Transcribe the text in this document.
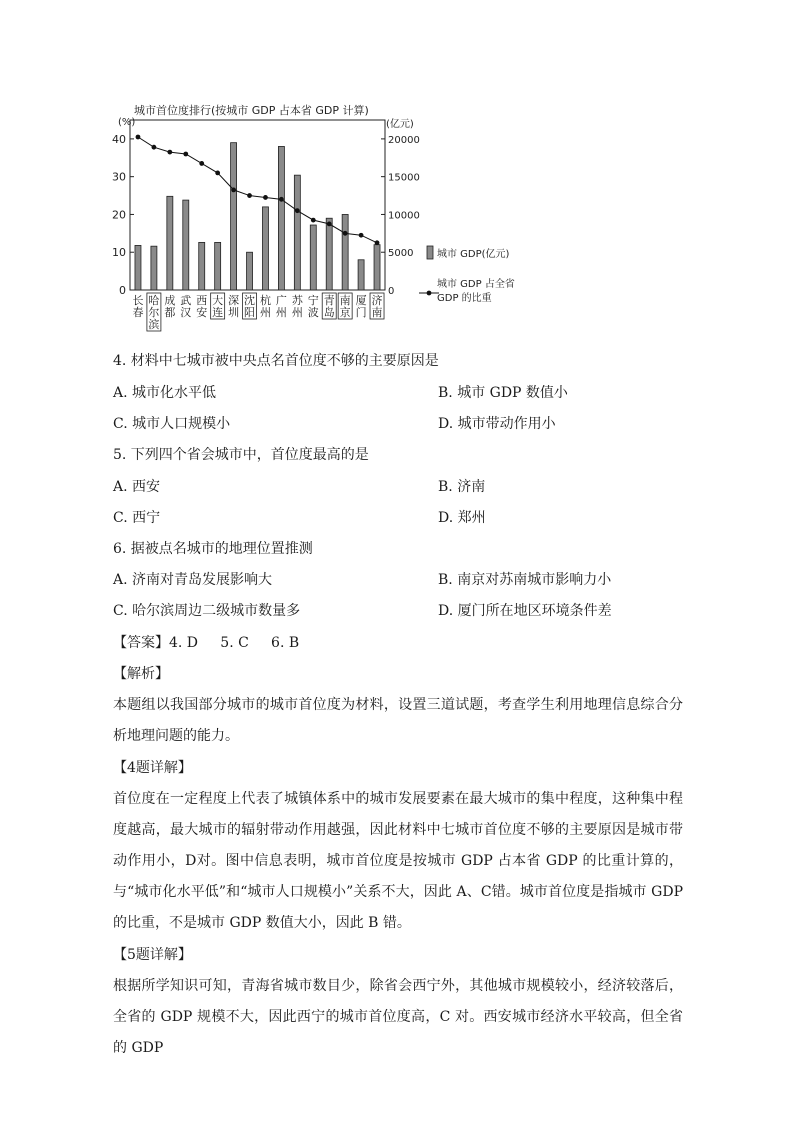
城市首位度排行(按城市 GDP 占本省 GDP 计算)
(%)	(亿元)
40
30
20
10
0
20000
15000
10000
5000
0
长
春
哈
尔
滨
成
都
武
汉
西
安
大
连
深
圳
沈
阳
杭
州
广
州
苏
州
宁
波
青
岛
南
京
厦
门
济
南
城市 GDP(亿元)
城市 GDP 占全省
GDP 的比重
4. 材料中七城市被中央点名首位度不够的主要原因是
A. 城市化水平低	B. 城市 GDP 数值小
C. 城市人口规模小	D. 城市带动作用小
5. 下列四个省会城市中，首位度最高的是
A. 西安	B. 济南
C. 西宁	D. 郑州
6. 据被点名城市的地理位置推测
A. 济南对青岛发展影响大	B. 南京对苏南城市影响力小
C. 哈尔滨周边二级城市数量多	D. 厦门所在地区环境条件差
【答案】4. D     5. C     6. B
【解析】
本题组以我国部分城市的城市首位度为材料，设置三道试题，考查学生利用地理信息综合分析地理问题的能力。
【4题详解】
首位度在一定程度上代表了城镇体系中的城市发展要素在最大城市的集中程度，这种集中程度越高，最大城市的辐射带动作用越强，因此材料中七城市首位度不够的主要原因是城市带动作用小，D对。图中信息表明，城市首位度是按城市 GDP 占本省 GDP 的比重计算的，与“城市化水平低”和“城市人口规模小”关系不大，因此 A、C错。城市首位度是指城市 GDP 的比重，不是城市 GDP 数值大小，因此 B 错。
【5题详解】
根据所学知识可知，青海省城市数目少，除省会西宁外，其他城市规模较小，经济较落后，全省的 GDP 规模不大，因此西宁的城市首位度高，C 对。西安城市经济水平较高，但全省的 GDP
